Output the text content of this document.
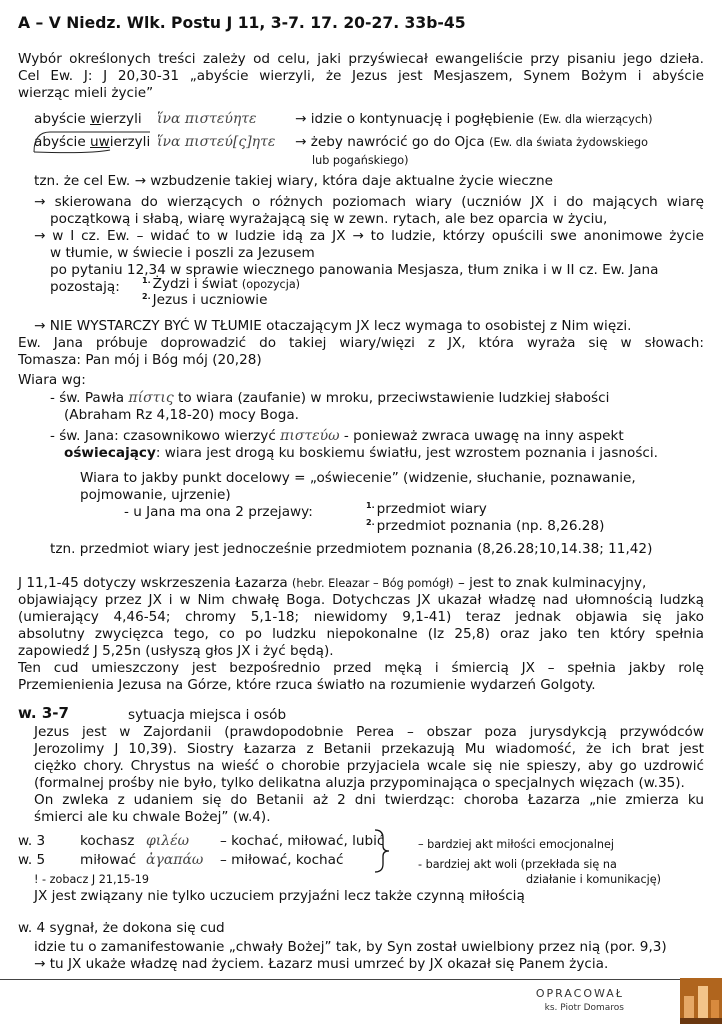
A – V Niedz. Wlk. Postu J 11, 3-7. 17. 20-27. 33b-45
Wybór określonych treści zależy od celu, jaki przyświecał ewangeliście przy pisaniu jego dzieła.
Cel Ew. J: J 20,30-31 „abyście wierzyli, że Jezus jest Mesjaszem, Synem Bożym i abyście
wierząc mieli życie”
abyście wierzyli ἵνα πιστεύητε	→ idzie o kontynuację i pogłębienie (Ew. dla wierzących)
abyście uwierzyli ἵνα πιστεύ[ς]ητε → żeby nawrócić go do Ojca (Ew. dla świata żydowskiego
lub pogańskiego)
tzn. że cel Ew. → wzbudzenie takiej wiary, która daje aktualne życie wieczne
→ skierowana do wierzących o różnych poziomach wiary (uczniów JX i do mających wiarę
początkową i słabą, wiarę wyrażającą się w zewn. rytach, ale bez oparcia w życiu,
→ w I cz. Ew. – widać to w ludzie idą za JX → to ludzie, którzy opuścili swe anonimowe życie
w tłumie, w świecie i poszli za Jezusem
po pytaniu 12,34 w sprawie wiecznego panowania Mesjasza, tłum znika i w II cz. Ew. Jana
pozostają:	$^{1.}$ Żydzi i świat (opozycja)
$^{2.}$ Jezus i uczniowie
→ NIE WYSTARCZY BYĆ W TŁUMIE otaczającym JX lecz wymaga to osobistej z Nim więzi.
Ew. Jana próbuje doprowadzić do takiej wiary/więzi z JX, która wyraża się w słowach:
Tomasza: Pan mój i Bóg mój (20,28)
Wiara wg:
- św. Pawła πίστις to wiara (zaufanie) w mroku, przeciwstawienie ludzkiej słabości
(Abraham Rz 4,18-20) mocy Boga.
- św. Jana: czasownikowo wierzyć πιστεύω - ponieważ zwraca uwagę na inny aspekt
oświecający: wiara jest drogą ku boskiemu światłu, jest wzrostem poznania i jasności.
Wiara to jakby punkt docelowy = „oświecenie” (widzenie, słuchanie, poznawanie,
pojmowanie, ujrzenie)
- u Jana ma ona 2 przejawy:	$^{1.}$ przedmiot wiary
$^{2.}$ przedmiot poznania (np. 8,26.28)
tzn. przedmiot wiary jest jednocześnie przedmiotem poznania (8,26.28;10,14.38; 11,42)
J 11,1-45 dotyczy wskrzeszenia Łazarza (hebr. Eleazar – Bóg pomógł) – jest to znak kulminacyjny,
objawiający przez JX i w Nim chwałę Boga. Dotychczas JX ukazał władzę nad ułomnością ludzką
(umierający 4,46-54; chromy 5,1-18; niewidomy 9,1-41) teraz jednak objawia się jako
absolutny zwycięzca tego, co po ludzku niepokonalne (Iz 25,8) oraz jako ten który spełnia
zapowiedź J 5,25n (usłyszą głos JX i żyć będą).
Ten cud umieszczony jest bezpośrednio przed męką i śmiercią JX – spełnia jakby rolę
Przemienienia Jezusa na Górze, które rzuca światło na rozumienie wydarzeń Golgoty.
w. 3-7	sytuacja miejsca i osób
Jezus jest w Zajordanii (prawdopodobnie Perea – obszar poza jurysdykcją przywódców
Jerozolimy J 10,39). Siostry Łazarza z Betanii przekazują Mu wiadomość, że ich brat jest
ciężko chory. Chrystus na wieść o chorobie przyjaciela wcale się nie spieszy, aby go uzdrowić
(formalnej prośby nie było, tylko delikatna aluzja przypominająca o specjalnych więzach (w.35).
On zwleka z udaniem się do Betanii aż 2 dni twierdząc: choroba Łazarza „nie zmierza ku
śmierci ale ku chwale Bożej” (w.4).
w. 3	kochasz φιλέω – kochać, miłować, lubić	– bardziej akt miłości emocjonalnej
w. 5	miłować ἀγαπάω – miłować, kochać	- bardziej akt woli (przekłada się na
działanie i komunikację)
! - zobacz J 21,15-19
JX jest związany nie tylko uczuciem przyjaźni lecz także czynną miłością
w. 4 sygnał, że dokona się cud
idzie tu o zamanifestowanie „chwały Bożej” tak, by Syn został uwielbiony przez nią (por. 9,3)
→ tu JX ukaże władzę nad życiem. Łazarz musi umrzeć by JX okazał się Panem życia.
OPRACOWAŁ
ks. Piotr Domaros
